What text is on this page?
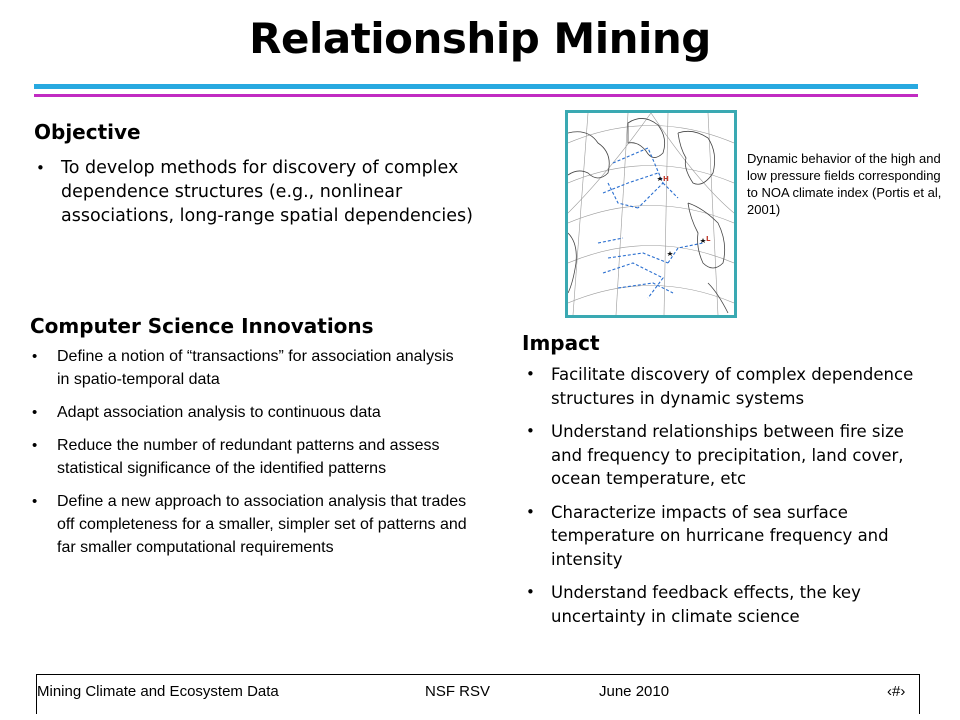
Relationship Mining
Objective
• To develop methods for discovery of complex dependence structures (e.g., nonlinear associations, long-range spatial dependencies)
H
L
Dynamic behavior of the high and low pressure fields corresponding to NOA climate index (Portis et al, 2001)
Computer Science Innovations
• Define a notion of “transactions” for association analysis in spatio-temporal data
• Adapt association analysis to continuous data
• Reduce the number of redundant patterns and assess statistical significance of the identified patterns
• Define a new approach to association analysis that trades off completeness for a smaller, simpler set of patterns and far smaller computational requirements
Impact
• Facilitate discovery of complex dependence structures in dynamic systems
• Understand relationships between fire size and frequency to precipitation, land cover, ocean temperature, etc
• Characterize impacts of sea surface temperature on hurricane frequency and intensity
• Understand feedback effects, the key uncertainty in climate science
Mining Climate and Ecosystem Data	NSF RSV	June 2010	‹#›
